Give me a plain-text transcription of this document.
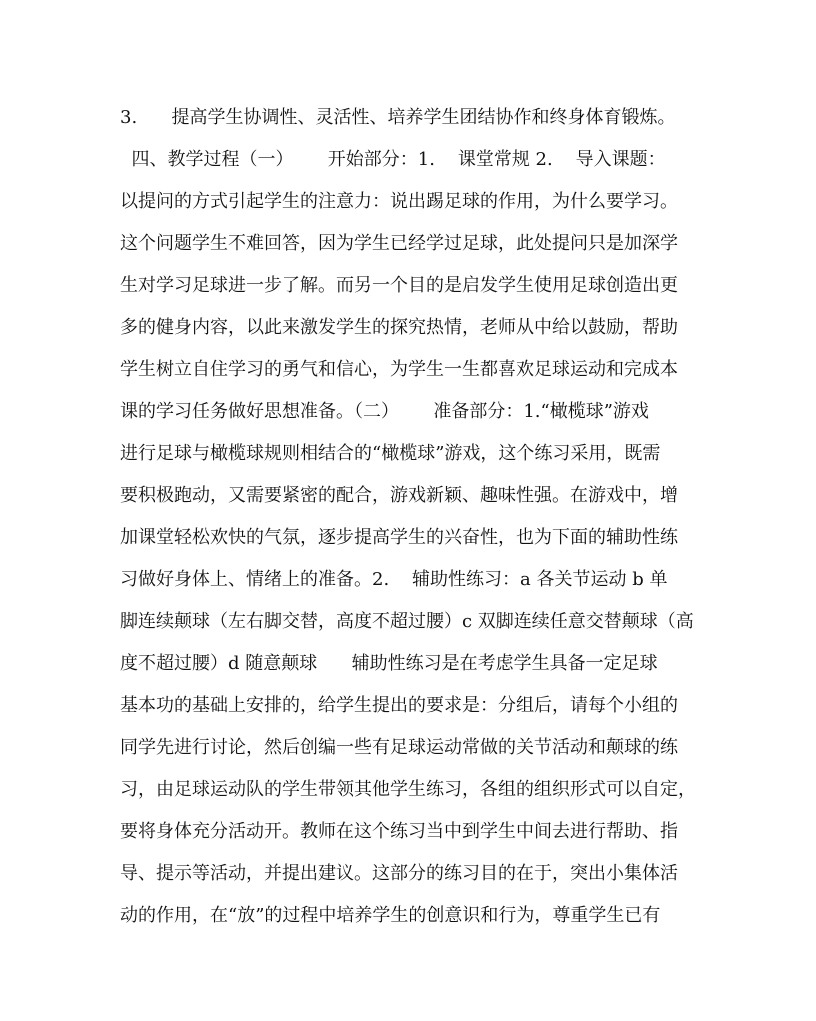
3.      提高学生协调性、灵活性、培养学生团结协作和终身体育锻炼。
四、教学过程（一）      开始部分：1.    课堂常规 2.    导入课题：
以提问的方式引起学生的注意力：说出踢足球的作用，为什么要学习。
这个问题学生不难回答，因为学生已经学过足球，此处提问只是加深学
生对学习足球进一步了解。而另一个目的是启发学生使用足球创造出更
多的健身内容，以此来激发学生的探究热情，老师从中给以鼓励，帮助
学生树立自住学习的勇气和信心，为学生一生都喜欢足球运动和完成本
课的学习任务做好思想准备。（二）      准备部分：1.“橄榄球”游戏
进行足球与橄榄球规则相结合的“橄榄球”游戏，这个练习采用，既需
要积极跑动，又需要紧密的配合，游戏新颖、趣味性强。在游戏中，增
加课堂轻松欢快的气氛，逐步提高学生的兴奋性，也为下面的辅助性练
习做好身体上、情绪上的准备。2.    辅助性练习：a 各关节运动 b 单
脚连续颠球（左右脚交替，高度不超过腰）c 双脚连续任意交替颠球（高
度不超过腰）d 随意颠球      辅助性练习是在考虑学生具备一定足球
基本功的基础上安排的，给学生提出的要求是：分组后，请每个小组的
同学先进行讨论，然后创编一些有足球运动常做的关节活动和颠球的练
习，由足球运动队的学生带领其他学生练习，各组的组织形式可以自定，
要将身体充分活动开。教师在这个练习当中到学生中间去进行帮助、指
导、提示等活动，并提出建议。这部分的练习目的在于，突出小集体活
动的作用，在“放”的过程中培养学生的创意识和行为，尊重学生已有
